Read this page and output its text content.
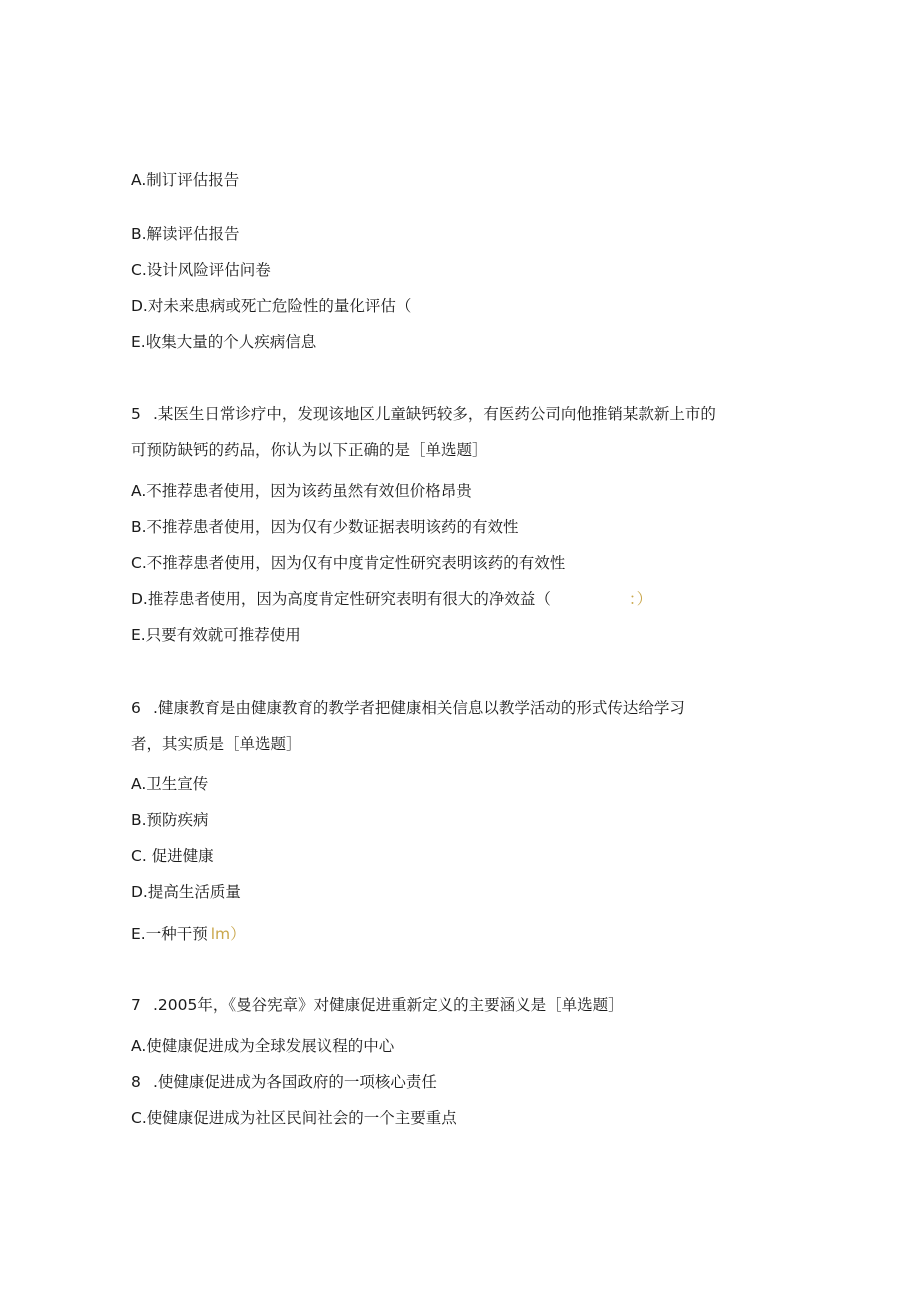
A.制订评估报告
B.解读评估报告
C.设计风险评估问卷
D.对未来患病或死亡危险性的量化评估（
E.收集大量的个人疾病信息
5 .某医生日常诊疗中，发现该地区儿童缺钙较多，有医药公司向他推销某款新上市的
可预防缺钙的药品，你认为以下正确的是［单选题］
A.不推荐患者使用，因为该药虽然有效但价格昂贵
B.不推荐患者使用，因为仅有少数证据表明该药的有效性
C.不推荐患者使用，因为仅有中度肯定性研究表明该药的有效性
D.推荐患者使用，因为高度肯定性研究表明有很大的净效益（	：）
E.只要有效就可推荐使用
6 .健康教育是由健康教育的教学者把健康相关信息以教学活动的形式传达给学习
者，其实质是［单选题］
A.卫生宣传
B.预防疾病
C. 促进健康
D.提高生活质量
E.一种干预 lm）
7 .2005年，《曼谷宪章》对健康促进重新定义的主要涵义是［单选题］
A.使健康促进成为全球发展议程的中心
8 .使健康促进成为各国政府的一项核心责任
C.使健康促进成为社区民间社会的一个主要重点
